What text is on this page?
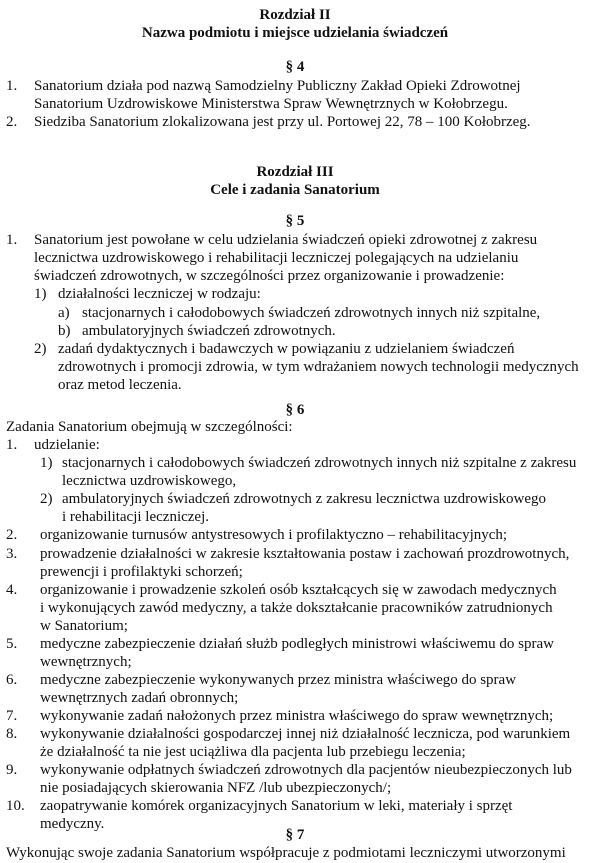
Rozdział II
Nazwa podmiotu i miejsce udzielania świadczeń
§ 4
1. Sanatorium działa pod nazwą Samodzielny Publiczny Zakład Opieki Zdrowotnej
Sanatorium Uzdrowiskowe Ministerstwa Spraw Wewnętrznych w Kołobrzegu.
2. Siedziba Sanatorium zlokalizowana jest przy ul. Portowej 22, 78 – 100 Kołobrzeg.
Rozdział III
Cele i zadania Sanatorium
§ 5
1. Sanatorium jest powołane w celu udzielania świadczeń opieki zdrowotnej z zakresu
lecznictwa uzdrowiskowego i rehabilitacji leczniczej polegających na udzielaniu
świadczeń zdrowotnych, w szczególności przez organizowanie i prowadzenie:
1) działalności leczniczej w rodzaju:
a) stacjonarnych i całodobowych świadczeń zdrowotnych innych niż szpitalne,
b) ambulatoryjnych świadczeń zdrowotnych.
2) zadań dydaktycznych i badawczych w powiązaniu z udzielaniem świadczeń
zdrowotnych i promocji zdrowia, w tym wdrażaniem nowych technologii medycznych
oraz metod leczenia.
§ 6
Zadania Sanatorium obejmują w szczególności:
1. udzielanie:
1) stacjonarnych i całodobowych świadczeń zdrowotnych innych niż szpitalne z zakresu
lecznictwa uzdrowiskowego,
2) ambulatoryjnych świadczeń zdrowotnych z zakresu lecznictwa uzdrowiskowego
i rehabilitacji leczniczej.
2. organizowanie turnusów antystresowych i profilaktyczno – rehabilitacyjnych;
3. prowadzenie działalności w zakresie kształtowania postaw i zachowań prozdrowotnych,
prewencji i profilaktyki schorzeń;
4. organizowanie i prowadzenie szkoleń osób kształcących się w zawodach medycznych
i wykonujących zawód medyczny, a także dokształcanie pracowników zatrudnionych
w Sanatorium;
5. medyczne zabezpieczenie działań służb podległych ministrowi właściwemu do spraw
wewnętrznych;
6. medyczne zabezpieczenie wykonywanych przez ministra właściwego do spraw
wewnętrznych zadań obronnych;
7. wykonywanie zadań nałożonych przez ministra właściwego do spraw wewnętrznych;
8. wykonywanie działalności gospodarczej innej niż działalność lecznicza, pod warunkiem
że działalność ta nie jest uciążliwa dla pacjenta lub przebiegu leczenia;
9. wykonywanie odpłatnych świadczeń zdrowotnych dla pacjentów nieubezpieczonych lub
nie posiadających skierowania NFZ /lub ubezpieczonych/;
10. zaopatrywanie komórek organizacyjnych Sanatorium w leki, materiały i sprzęt
medyczny.
§ 7
Wykonując swoje zadania Sanatorium współpracuje z podmiotami leczniczymi utworzonymi
